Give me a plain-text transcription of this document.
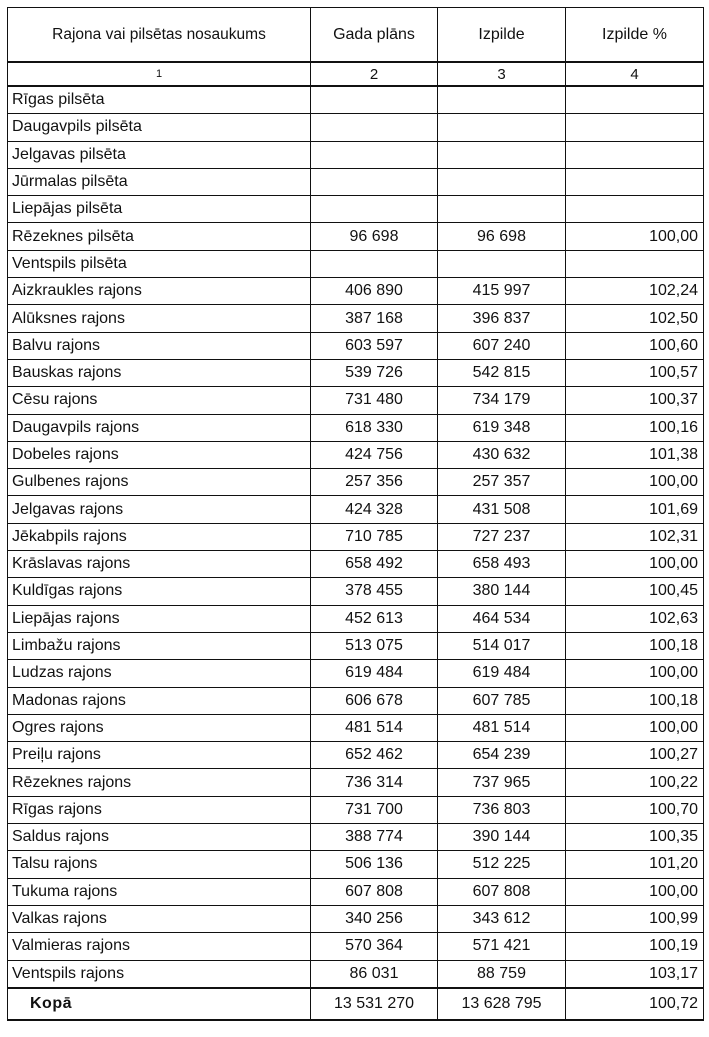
Rajona vai pilsētas nosaukums	Gada plāns	Izpilde	Izpilde %
1	2	3	4
Rīgas pilsēta			
Daugavpils pilsēta			
Jelgavas pilsēta			
Jūrmalas pilsēta			
Liepājas pilsēta			
Rēzeknes pilsēta	96 698	96 698	100,00
Ventspils pilsēta			
Aizkraukles rajons	406 890	415 997	102,24
Alūksnes rajons	387 168	396 837	102,50
Balvu rajons	603 597	607 240	100,60
Bauskas rajons	539 726	542 815	100,57
Cēsu rajons	731 480	734 179	100,37
Daugavpils rajons	618 330	619 348	100,16
Dobeles rajons	424 756	430 632	101,38
Gulbenes rajons	257 356	257 357	100,00
Jelgavas rajons	424 328	431 508	101,69
Jēkabpils rajons	710 785	727 237	102,31
Krāslavas rajons	658 492	658 493	100,00
Kuldīgas rajons	378 455	380 144	100,45
Liepājas rajons	452 613	464 534	102,63
Limbažu rajons	513 075	514 017	100,18
Ludzas rajons	619 484	619 484	100,00
Madonas rajons	606 678	607 785	100,18
Ogres rajons	481 514	481 514	100,00
Preiļu rajons	652 462	654 239	100,27
Rēzeknes rajons	736 314	737 965	100,22
Rīgas rajons	731 700	736 803	100,70
Saldus rajons	388 774	390 144	100,35
Talsu rajons	506 136	512 225	101,20
Tukuma rajons	607 808	607 808	100,00
Valkas rajons	340 256	343 612	100,99
Valmieras rajons	570 364	571 421	100,19
Ventspils rajons	86 031	88 759	103,17
Kopā	13 531 270	13 628 795	100,72
